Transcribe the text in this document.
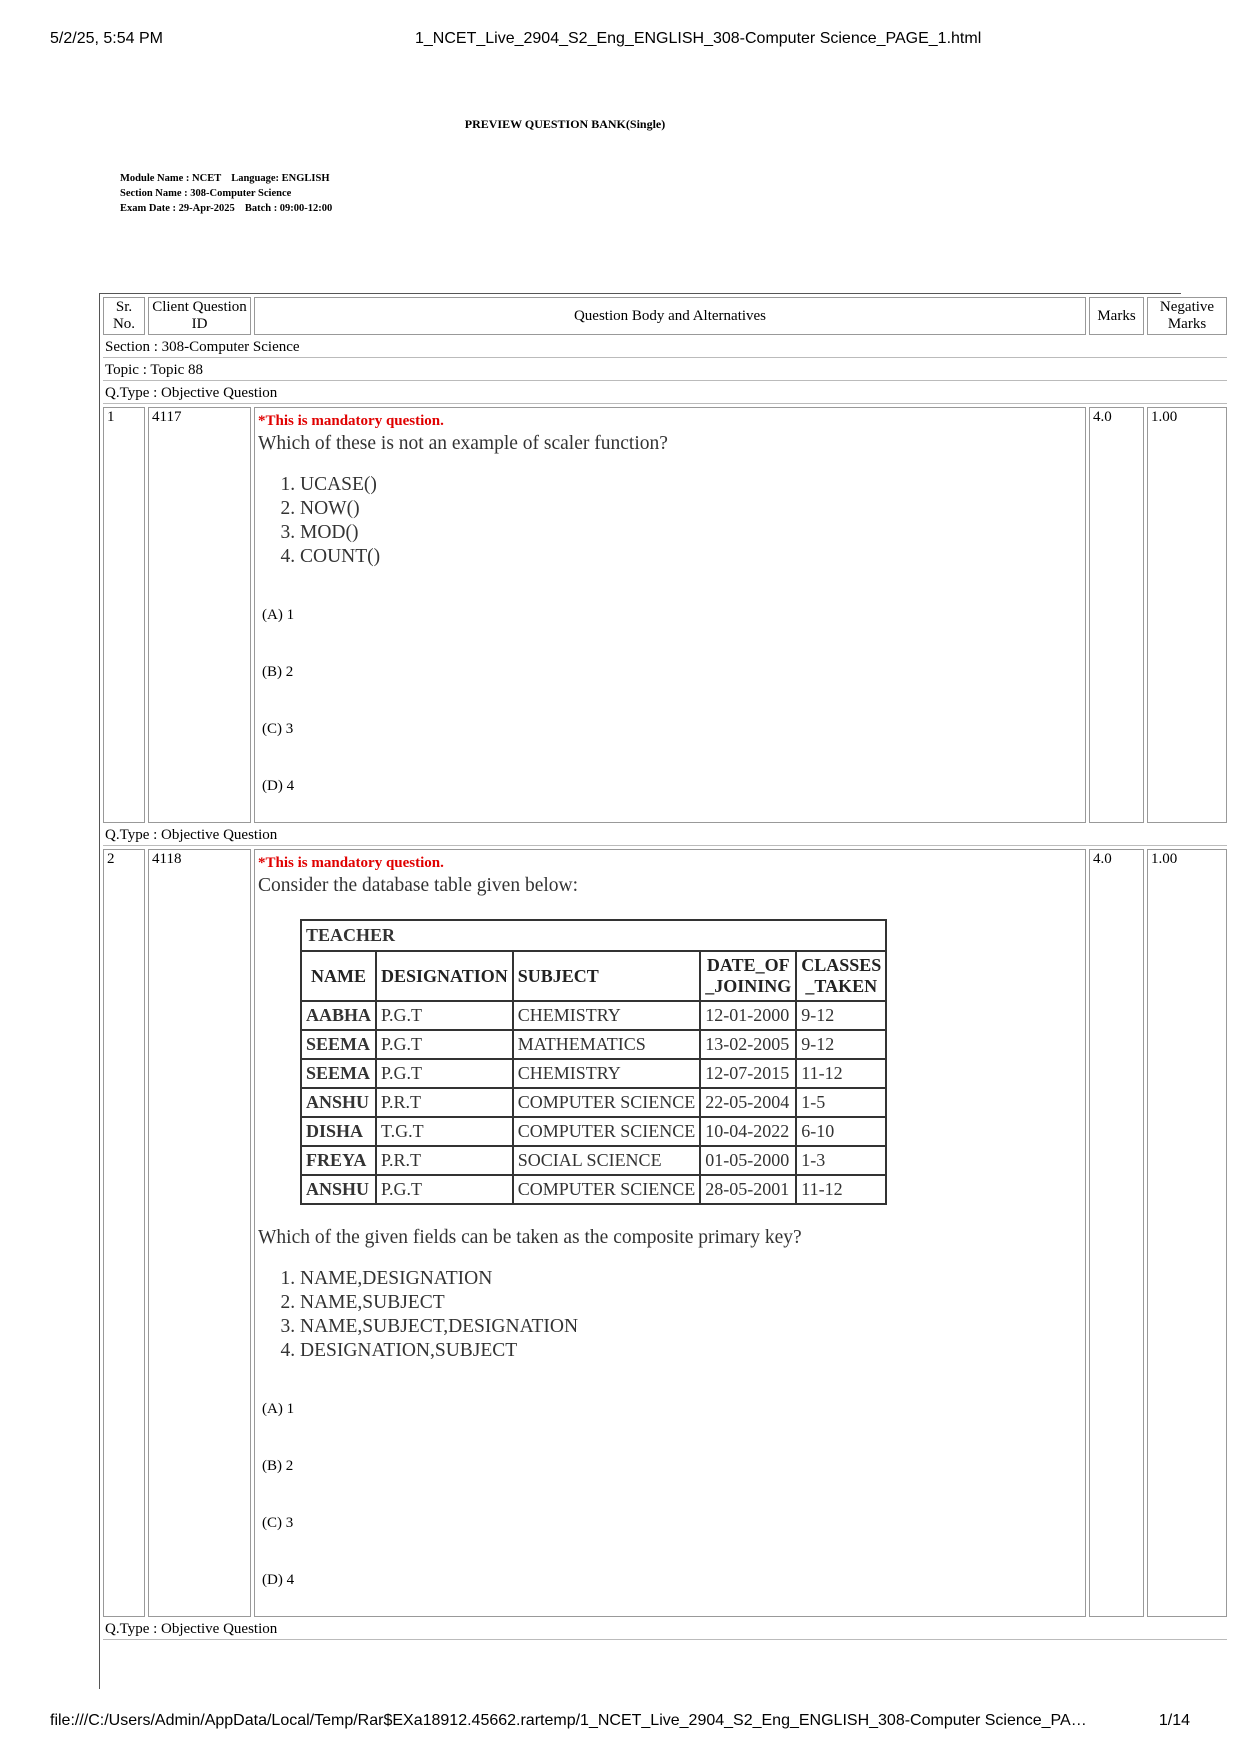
5/2/25, 5:54 PM	1_NCET_Live_2904_S2_Eng_ENGLISH_308-Computer Science_PAGE_1.html
PREVIEW QUESTION BANK(Single)
Module Name : NCET Language: ENGLISH
Section Name : 308-Computer Science
Exam Date : 29-Apr-2025 Batch : 09:00-12:00
Sr. No.	Client Question ID	Question Body and Alternatives	Marks	Negative Marks
Section : 308-Computer Science
Topic : Topic 88
Q.Type : Objective Question
1	4117	*This is mandatory question.
Which of these is not an example of scaler function?
1. UCASE()
2. NOW()
3. MOD()
4. COUNT()
(A) 1
(B) 2
(C) 3
(D) 4
	4.0	1.00
Q.Type : Objective Question
2	4118	*This is mandatory question.
Consider the database table given below:
TEACHER
NAME	DESIGNATION	SUBJECT	DATE_OF _JOINING	CLASSES _TAKEN
AABHA	P.G.T	CHEMISTRY	12-01-2000	9-12
SEEMA	P.G.T	MATHEMATICS	13-02-2005	9-12
SEEMA	P.G.T	CHEMISTRY	12-07-2015	11-12
ANSHU	P.R.T	COMPUTER SCIENCE	22-05-2004	1-5
DISHA	T.G.T	COMPUTER SCIENCE	10-04-2022	6-10
FREYA	P.R.T	SOCIAL SCIENCE	01-05-2000	1-3
ANSHU	P.G.T	COMPUTER SCIENCE	28-05-2001	11-12
Which of the given fields can be taken as the composite primary key?
1. NAME,DESIGNATION
2. NAME,SUBJECT
3. NAME,SUBJECT,DESIGNATION
4. DESIGNATION,SUBJECT
(A) 1
(B) 2
(C) 3
(D) 4
	4.0	1.00
Q.Type : Objective Question
file:///C:/Users/Admin/AppData/Local/Temp/Rar$EXa18912.45662.rartemp/1_NCET_Live_2904_S2_Eng_ENGLISH_308-Computer Science_PA…	1/14
